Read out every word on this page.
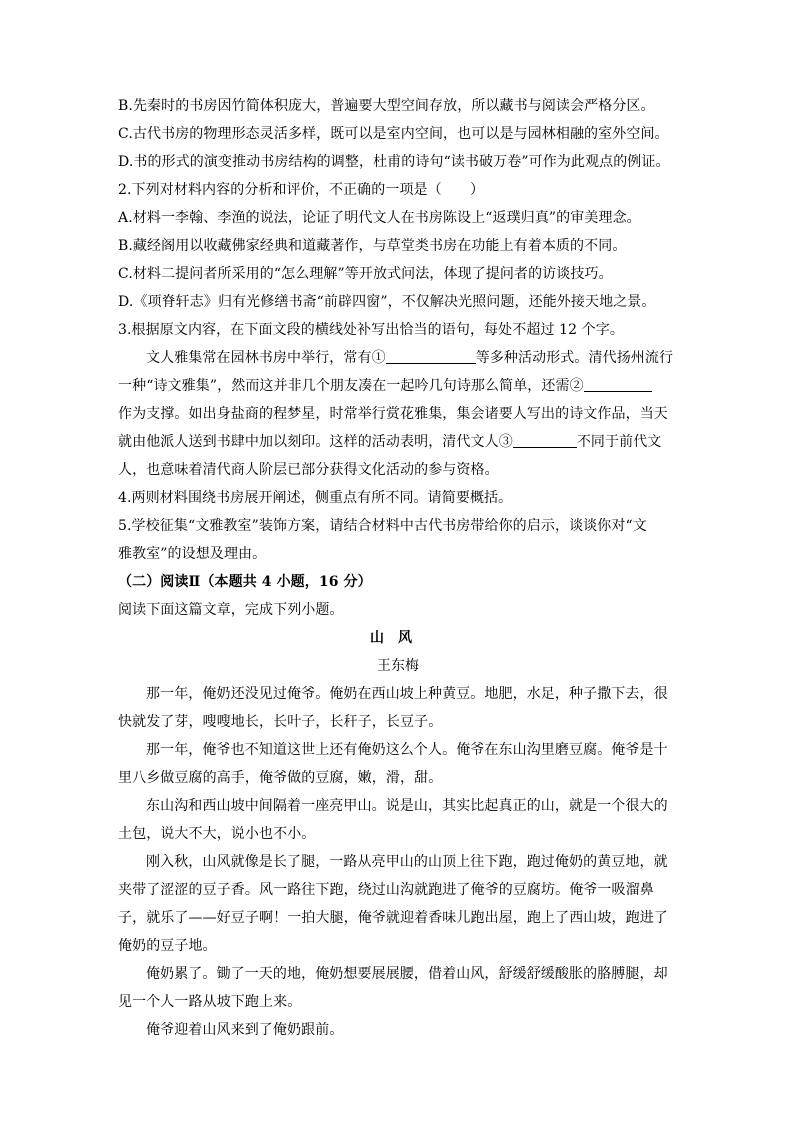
B.先秦时的书房因竹简体积庞大，普遍要大型空间存放，所以藏书与阅读会严格分区。
C.古代书房的物理形态灵活多样，既可以是室内空间，也可以是与园林相融的室外空间。
D.书的形式的演变推动书房结构的调整，杜甫的诗句“读书破万卷”可作为此观点的例证。
2.下列对材料内容的分析和评价，不正确的一项是（　　）
A.材料一李翰、李渔的说法，论证了明代文人在书房陈设上“返璞归真”的审美理念。
B.藏经阁用以收藏佛家经典和道藏著作，与草堂类书房在功能上有着本质的不同。
C.材料二提问者所采用的“怎么理解”等开放式问法，体现了提问者的访谈技巧。
D.《项脊轩志》归有光修缮书斋“前辟四窗”，不仅解决光照问题，还能外接天地之景。
3.根据原文内容，在下面文段的横线处补写出恰当的语句，每处不超过 12 个字。
文人雅集常在园林书房中举行，常有①	等多种活动形式。清代扬州流行
一种“诗文雅集”，然而这并非几个朋友凑在一起吟几句诗那么简单，还需②
作为支撑。如出身盐商的程梦星，时常举行赏花雅集，集会诸要人写出的诗文作品，当天
就由他派人送到书肆中加以刻印。这样的活动表明，清代文人③	不同于前代文
人，也意味着清代商人阶层已部分获得文化活动的参与资格。
4.两则材料围绕书房展开阐述，侧重点有所不同。请简要概括。
5.学校征集“文雅教室”装饰方案，请结合材料中古代书房带给你的启示，谈谈你对“文
雅教室”的设想及理由。
（二）阅读Ⅱ（本题共 4 小题，16 分）
阅读下面这篇文章，完成下列小题。
山风
王东梅
那一年，俺奶还没见过俺爷。俺奶在西山坡上种黄豆。地肥，水足，种子撒下去，很
快就发了芽，嗖嗖地长，长叶子，长秆子，长豆子。
那一年，俺爷也不知道这世上还有俺奶这么个人。俺爷在东山沟里磨豆腐。俺爷是十
里八乡做豆腐的高手，俺爷做的豆腐，嫩，滑，甜。
东山沟和西山坡中间隔着一座亮甲山。说是山，其实比起真正的山，就是一个很大的
土包，说大不大，说小也不小。
刚入秋，山风就像是长了腿，一路从亮甲山的山顶上往下跑，跑过俺奶的黄豆地，就
夹带了涩涩的豆子香。风一路往下跑，绕过山沟就跑进了俺爷的豆腐坊。俺爷一吸溜鼻
子，就乐了——好豆子啊！一拍大腿，俺爷就迎着香味儿跑出屋，跑上了西山坡，跑进了
俺奶的豆子地。
俺奶累了。锄了一天的地，俺奶想要展展腰，借着山风，舒缓舒缓酸胀的胳膊腿，却
见一个人一路从坡下跑上来。
俺爷迎着山风来到了俺奶跟前。
